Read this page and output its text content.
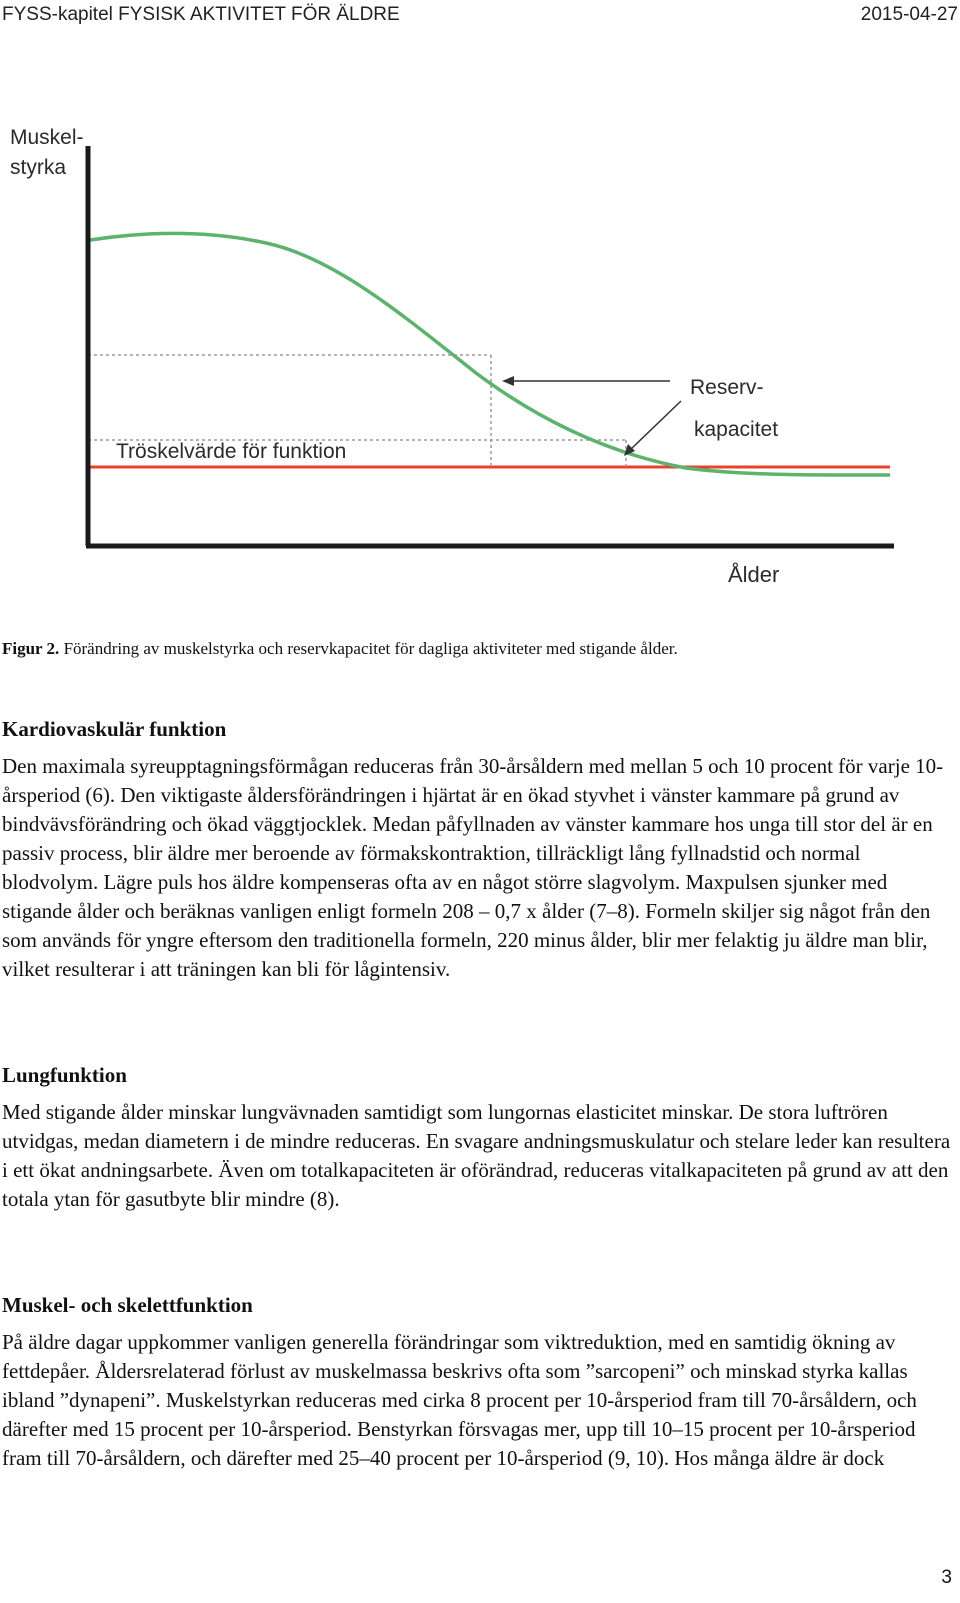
FYSS-kapitel FYSISK AKTIVITET FÖR ÄLDRE	2015-04-27
Muskel-
styrka
Tröskelvärde för funktion
Reserv-
kapacitet
Ålder
Figur 2. Förändring av muskelstyrka och reservkapacitet för dagliga aktiviteter med stigande ålder.
Kardiovaskulär funktion

Den maximala syreupptagningsförmågan reduceras från 30-årsåldern med mellan 5 och 10 procent för varje 10-årsperiod (6). Den viktigaste åldersförändringen i hjärtat är en ökad styvhet i vänster kammare på grund av bindvävsförändring och ökad väggtjocklek. Medan påfyllnaden av vänster kammare hos unga till stor del är en passiv process, blir äldre mer beroende av förmakskontraktion, tillräckligt lång fyllnadstid och normal blodvolym. Lägre puls hos äldre kompenseras ofta av en något större slagvolym. Maxpulsen sjunker med stigande ålder och beräknas vanligen enligt formeln 208 – 0,7 x ålder (7–8). Formeln skiljer sig något från den som används för yngre eftersom den traditionella formeln, 220 minus ålder, blir mer felaktig ju äldre man blir, vilket resulterar i att träningen kan bli för lågintensiv.

Lungfunktion

Med stigande ålder minskar lungvävnaden samtidigt som lungornas elasticitet minskar. De stora luftrören utvidgas, medan diametern i de mindre reduceras. En svagare andningsmuskulatur och stelare leder kan resultera i ett ökat andningsarbete. Även om totalkapaciteten är oförändrad, reduceras vitalkapaciteten på grund av att den totala ytan för gasutbyte blir mindre (8).

Muskel- och skelettfunktion

På äldre dagar uppkommer vanligen generella förändringar som viktreduktion, med en samtidig ökning av fettdepåer. Åldersrelaterad förlust av muskelmassa beskrivs ofta som ”sarcopeni” och minskad styrka kallas ibland ”dynapeni”. Muskelstyrkan reduceras med cirka 8 procent per 10-årsperiod fram till 70-årsåldern, och därefter med 15 procent per 10-årsperiod. Benstyrkan försvagas mer, upp till 10–15 procent per 10-årsperiod fram till 70-årsåldern, och därefter med 25–40 procent per 10-årsperiod (9, 10). Hos många äldre är dock

3
